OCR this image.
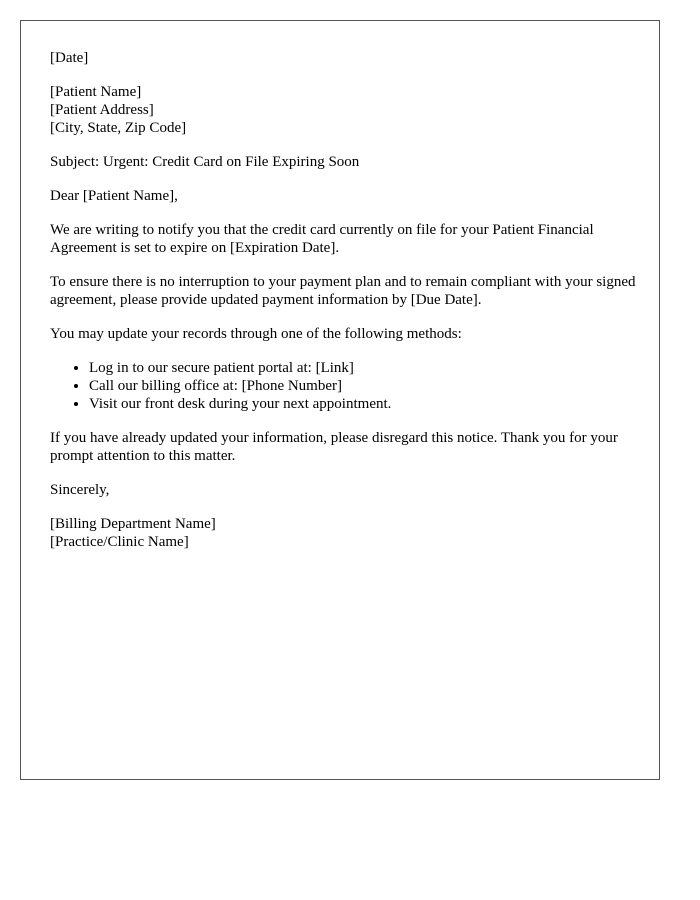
[Date]

[Patient Name]
[Patient Address]
[City, State, Zip Code]

Subject: Urgent: Credit Card on File Expiring Soon

Dear [Patient Name],

We are writing to notify you that the credit card currently on file for your Patient Financial Agreement is set to expire on [Expiration Date].

To ensure there is no interruption to your payment plan and to remain compliant with your signed agreement, please provide updated payment information by [Due Date].

You may update your records through one of the following methods:

• Log in to our secure patient portal at: [Link]
• Call our billing office at: [Phone Number]
• Visit our front desk during your next appointment.

If you have already updated your information, please disregard this notice. Thank you for your prompt attention to this matter.

Sincerely,

[Billing Department Name]
[Practice/Clinic Name]
